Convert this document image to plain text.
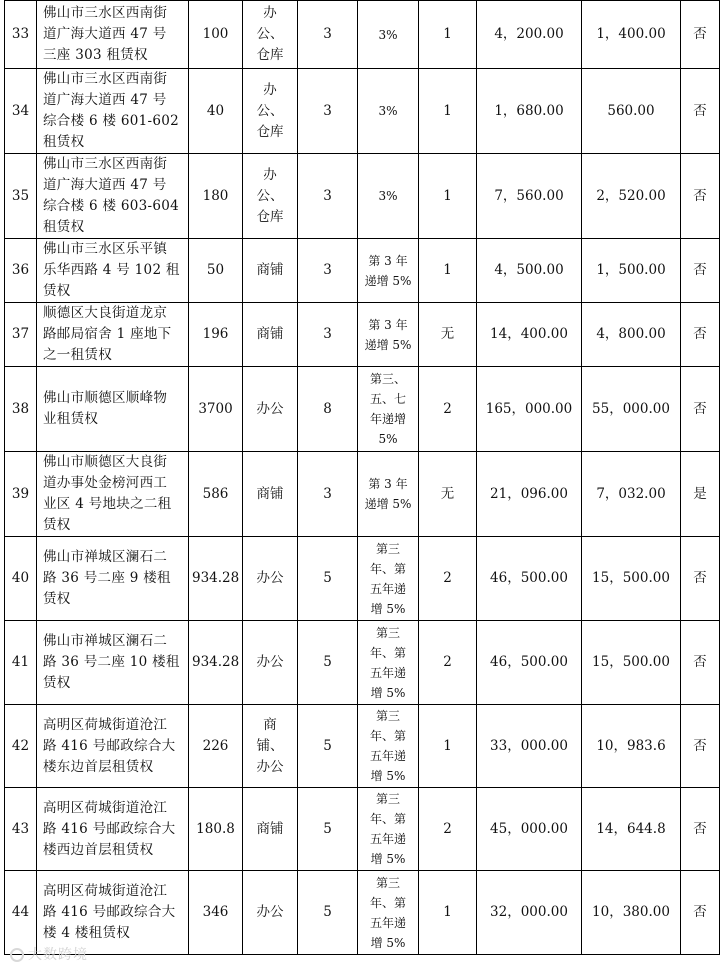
33	佛山市三水区西南街
道广海大道西 47 号
三座 303 租赁权	100	办
公、
仓库	3	3%	1	4，200.00	1，400.00	否
34	佛山市三水区西南街
道广海大道西 47 号
综合楼 6 楼 601-602
租赁权	40	办
公、
仓库	3	3%	1	1，680.00	560.00	否
35	佛山市三水区西南街
道广海大道西 47 号
综合楼 6 楼 603-604
租赁权	180	办
公、
仓库	3	3%	1	7，560.00	2，520.00	否
36	佛山市三水区乐平镇
乐华西路 4 号 102 租
赁权	50	商铺	3	第 3 年
递增 5%	1	4，500.00	1，500.00	否
37	顺德区大良街道龙京
路邮局宿舍 1 座地下
之一租赁权	196	商铺	3	第 3 年
递增 5%	无	14，400.00	4，800.00	否
38	佛山市顺德区顺峰物
业租赁权	3700	办公	8	第三、
五、七
年递增
5%	2	165，000.00	55，000.00	否
39	佛山市顺德区大良街
道办事处金榜河西工
业区 4 号地块之二租
赁权	586	商铺	3	第 3 年
递增 5%	无	21，096.00	7，032.00	是
40	佛山市禅城区澜石二
路 36 号二座 9 楼租
赁权	934.28	办公	5	第三
年、第
五年递
增 5%	2	46，500.00	15，500.00	否
41	佛山市禅城区澜石二
路 36 号二座 10 楼租
赁权	934.28	办公	5	第三
年、第
五年递
增 5%	2	46，500.00	15，500.00	否
42	高明区荷城街道沧江
路 416 号邮政综合大
楼东边首层租赁权	226	商
铺、
办公	5	第三
年、第
五年递
增 5%	1	33，000.00	10，983.6	否
43	高明区荷城街道沧江
路 416 号邮政综合大
楼西边首层租赁权	180.8	商铺	5	第三
年、第
五年递
增 5%	2	45，000.00	14，644.8	否
44	高明区荷城街道沧江
路 416 号邮政综合大
楼 4 楼租赁权	346	办公	5	第三
年、第
五年递
增 5%	1	32，000.00	10，380.00	否
大数跨境
